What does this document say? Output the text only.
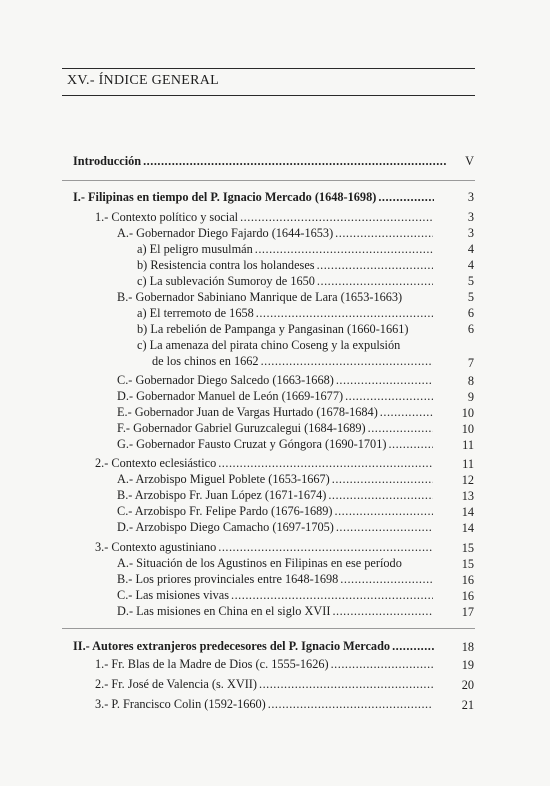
XV.- ÍNDICE GENERAL
Introducción .....	V
I.- Filipinas en tiempo del P. Ignacio Mercado (1648-1698) .....	3
1.- Contexto político y social .....	3
A.- Gobernador Diego Fajardo (1644-1653) .....	3
a) El peligro musulmán .....	4
b) Resistencia contra los holandeses .....	4
c) La sublevación Sumoroy de 1650 .....	5
B.- Gobernador Sabiniano Manrique de Lara (1653-1663)	5
a) El terremoto de 1658 .....	6
b) La rebelión de Pampanga y Pangasinan (1660-1661)	6
c) La amenaza del pirata chino Coseng y la expulsión
de los chinos en 1662 .....	7
C.- Gobernador Diego Salcedo (1663-1668) .....	8
D.- Gobernador Manuel de León (1669-1677) .....	9
E.- Gobernador Juan de Vargas Hurtado (1678-1684) .....	10
F.- Gobernador Gabriel Guruzcalegui (1684-1689) .....	10
G.- Gobernador Fausto Cruzat y Góngora (1690-1701) .....	11
2.- Contexto eclesiástico .....	11
A.- Arzobispo Miguel Poblete (1653-1667) .....	12
B.- Arzobispo Fr. Juan López (1671-1674) .....	13
C.- Arzobispo Fr. Felipe Pardo (1676-1689) .....	14
D.- Arzobispo Diego Camacho (1697-1705) .....	14
3.- Contexto agustiniano .....	15
A.- Situación de los Agustinos en Filipinas en ese período	15
B.- Los priores provinciales entre 1648-1698 .....	16
C.- Las misiones vivas .....	16
D.- Las misiones en China en el siglo XVII .....	17
II.- Autores extranjeros predecesores del P. Ignacio Mercado .....	18
1.- Fr. Blas de la Madre de Dios (c. 1555-1626) .....	19
2.- Fr. José de Valencia (s. XVII) .....	20
3.- P. Francisco Colin (1592-1660) .....	21
